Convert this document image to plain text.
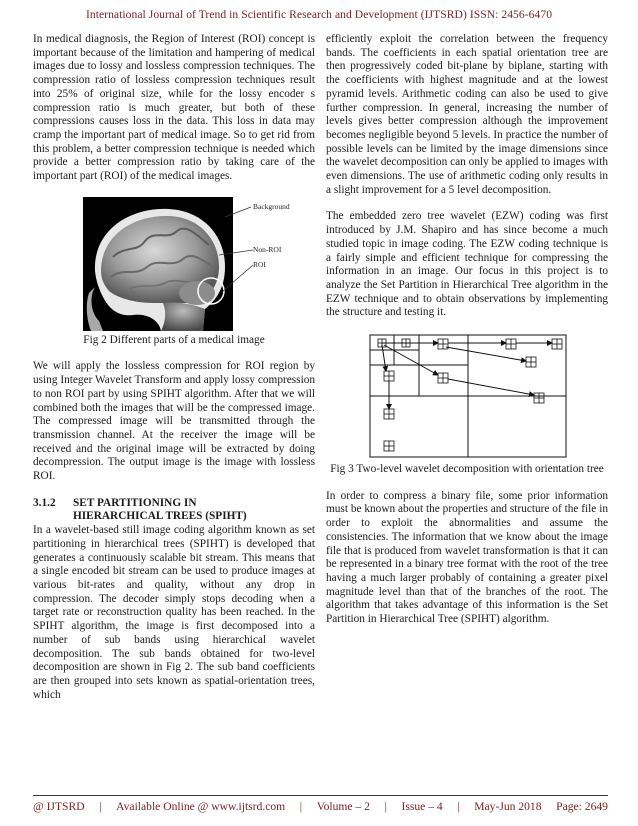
International Journal of Trend in Scientific Research and Development (IJTSRD) ISSN: 2456-6470

In medical diagnosis, the Region of Interest (ROI) concept is important because of the limitation and hampering of medical images due to lossy and lossless compression techniques. The compression ratio of lossless compression techniques result into 25% of original size, while for the lossy encoder s compression ratio is much greater, but both of these compressions causes loss in the data. This loss in data may cramp the important part of medical image. So to get rid from this problem, a better compression technique is needed which provide a better compression ratio by taking care of the important part (ROI) of the medical images.

Background
Non-ROI
ROI
Fig 2 Different parts of a medical image

We will apply the lossless compression for ROI region by using Integer Wavelet Transform and apply lossy compression to non ROI part by using SPIHT algorithm. After that we will combined both the images that will be the compressed image. The compressed image will be transmitted through the transmission channel. At the receiver the image will be received and the original image will be extracted by doing decompression. The output image is the image with lossless ROI.

3.1.2 SET PARTITIONING IN
HIERARCHICAL TREES (SPIHT)

In a wavelet-based still image coding algorithm known as set partitioning in hierarchical trees (SPIHT) is developed that generates a continuously scalable bit stream. This means that a single encoded bit stream can be used to produce images at various bit-rates and quality, without any drop in compression. The decoder simply stops decoding when a target rate or reconstruction quality has been reached. In the SPIHT algorithm, the image is first decomposed into a number of sub bands using hierarchical wavelet decomposition. The sub bands obtained for two-level decomposition are shown in Fig 2. The sub band coefficients are then grouped into sets known as spatial-orientation trees, which

efficiently exploit the correlation between the frequency bands. The coefficients in each spatial orientation tree are then progressively coded bit-plane by biplane, starting with the coefficients with highest magnitude and at the lowest pyramid levels. Arithmetic coding can also be used to give further compression. In general, increasing the number of levels gives better compression although the improvement becomes negligible beyond 5 levels. In practice the number of possible levels can be limited by the image dimensions since the wavelet decomposition can only be applied to images with even dimensions. The use of arithmetic coding only results in a slight improvement for a 5 level decomposition.

The embedded zero tree wavelet (EZW) coding was first introduced by J.M. Shapiro and has since become a much studied topic in image coding. The EZW coding technique is a fairly simple and efficient technique for compressing the information in an image. Our focus in this project is to analyze the Set Partition in Hierarchical Tree algorithm in the EZW technique and to obtain observations by implementing the structure and testing it.

Fig 3 Two-level wavelet decomposition with orientation tree

In order to compress a binary file, some prior information must be known about the properties and structure of the file in order to exploit the abnormalities and assume the consistencies. The information that we know about the image file that is produced from wavelet transformation is that it can be represented in a binary tree format with the root of the tree having a much larger probably of containing a greater pixel magnitude level than that of the branches of the root. The algorithm that takes advantage of this information is the Set Partition in Hierarchical Tree (SPIHT) algorithm.

@ IJTSRD | Available Online @ www.ijtsrd.com | Volume – 2 | Issue – 4 | May-Jun 2018 Page: 2649
